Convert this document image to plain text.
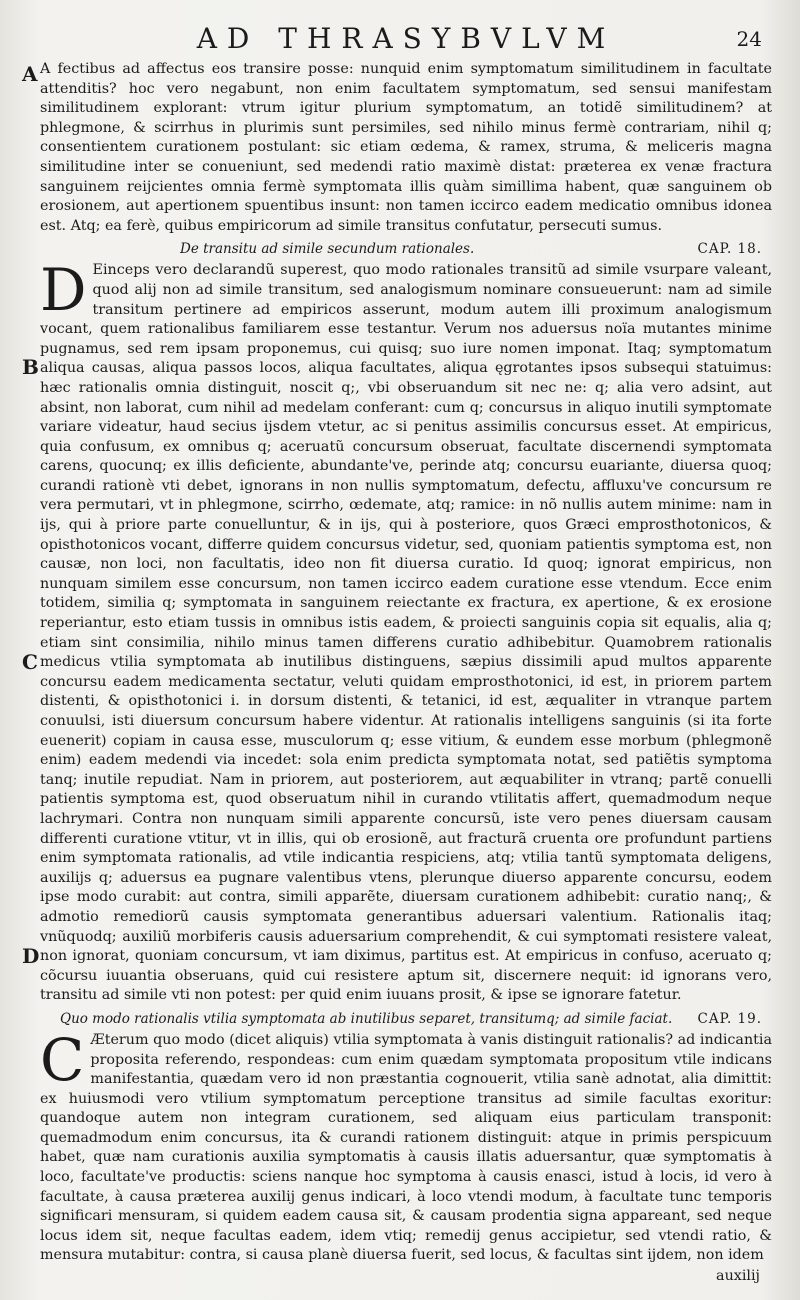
AD THRASYBVLVM	24
A
B
C
D

A fectibus ad affectus eos transire posse: nunquid enim symptomatum similitudinem in facultate attenditis? hoc vero negabunt, non enim facultatem symptomatum, sed sensui manifestam similitudinem explorant: vtrum igitur plurium symptomatum, an totidẽ similitudinem? at phlegmone, & scirrhus in plurimis sunt persimiles, sed nihilo minus fermè contrariam, nihil q; consentientem curationem postulant: sic etiam œdema, & ramex, struma, & meliceris magna similitudine inter se conueniunt, sed medendi ratio maximè distat: præterea ex venæ fractura sanguinem reijcientes omnia fermè symptomata illis quàm simillima habent, quæ sanguinem ob erosionem, aut apertionem spuentibus insunt: non tamen iccirco eadem medicatio omnibus idonea est. Atq; ea ferè, quibus empiricorum ad simile transitus confutatur, persecuti sumus.

De transitu ad simile secundum rationales.	CAP. 18.

D Einceps vero declarandũ superest, quo modo rationales transitũ ad simile vsurpare valeant, quod alij non ad simile transitum, sed analogismum nominare consueuerunt: nam ad simile transitum pertinere ad empiricos asserunt, modum autem illi proximum analogismum vocant, quem rationalibus familiarem esse testantur. Verum nos aduersus noïa mutantes minime pugnamus, sed rem ipsam proponemus, cui quisq; suo iure nomen imponat. Itaq; symptomatum aliqua causas, aliqua passos locos, aliqua facultates, aliqua ęgrotantes ipsos subsequi statuimus: hæc rationalis omnia distinguit, noscit q;, vbi obseruandum sit nec ne: q; alia vero adsint, aut absint, non laborat, cum nihil ad medelam conferant: cum q; concursus in aliquo inutili symptomate variare videatur, haud secius ijsdem vtetur, ac si penitus assimilis concursus esset. At empiricus, quia confusum, ex omnibus q; aceruatũ concursum obseruat, facultate discernendi symptomata carens, quocunq; ex illis deficiente, abundante've, perinde atq; concursu euariante, diuersa quoq; curandi rationè vti debet, ignorans in non nullis symptomatum, defectu, affluxu've concursum re vera permutari, vt in phlegmone, scirrho, œdemate, atq; ramice: in nõ nullis autem minime: nam in ijs, qui à priore parte conuelluntur, & in ijs, qui à posteriore, quos Græci emprosthotonicos, & opisthotonicos vocant, differre quidem concursus videtur, sed, quoniam patientis symptoma est, non causæ, non loci, non facultatis, ideo non fit diuersa curatio. Id quoq; ignorat empiricus, non nunquam similem esse concursum, non tamen iccirco eadem curatione esse vtendum. Ecce enim totidem, similia q; symptomata in sanguinem reiectante ex fractura, ex apertione, & ex erosione reperiantur, esto etiam tussis in omnibus istis eadem, & proiecti sanguinis copia sit equalis, alia q; etiam sint consimilia, nihilo minus tamen differens curatio adhibebitur. Quamobrem rationalis medicus vtilia symptomata ab inutilibus distinguens, sæpius dissimili apud multos apparente concursu eadem medicamenta sectatur, veluti quidam emprosthotonici, id est, in priorem partem distenti, & opisthotonici i. in dorsum distenti, & tetanici, id est, æqualiter in vtranque partem conuulsi, isti diuersum concursum habere videntur. At rationalis intelligens sanguinis (si ita forte euenerit) copiam in causa esse, musculorum q; esse vitium, & eundem esse morbum (phlegmonẽ enim) eadem medendi via incedet: sola enim predicta symptomata notat, sed patiẽtis symptoma tanq; inutile repudiat. Nam in priorem, aut posteriorem, aut æquabiliter in vtranq; partẽ conuelli patientis symptoma est, quod obseruatum nihil in curando vtilitatis affert, quemadmodum neque lachrymari. Contra non nunquam simili apparente concursũ, iste vero penes diuersam causam differenti curatione vtitur, vt in illis, qui ob erosionẽ, aut fracturã cruenta ore profundunt partiens enim symptomata rationalis, ad vtile indicantia respiciens, atq; vtilia tantũ symptomata deligens, auxilijs q; aduersus ea pugnare valentibus vtens, plerunque diuerso apparente concursu, eodem ipse modo curabit: aut contra, simili apparẽte, diuersam curationem adhibebit: curatio nanq;, & admotio remediorũ causis symptomata generantibus aduersari valentium. Rationalis itaq; vnũquodq; auxiliũ morbiferis causis aduersarium comprehendit, & cui symptomati resistere valeat, non ignorat, quoniam concursum, vt iam diximus, partitus est. At empiricus in confuso, aceruato q; cõcursu iuuantia obseruans, quid cui resistere aptum sit, discernere nequit: id ignorans vero, transitu ad simile vti non potest: per quid enim iuuans prosit, & ipse se ignorare fatetur.

Quo modo rationalis vtilia symptomata ab inutilibus separet, transitumq; ad simile faciat. CAP. 19.

C Æterum quo modo (dicet aliquis) vtilia symptomata à vanis distinguit rationalis? ad indicantia proposita referendo, respondeas: cum enim quædam symptomata propositum vtile indicans manifestantia, quædam vero id non præstantia cognouerit, vtilia sanè adnotat, alia dimittit: ex huiusmodi vero vtilium symptomatum perceptione transitus ad simile facultas exoritur: quandoque autem non integram curationem, sed aliquam eius particulam transponit: quemadmodum enim concursus, ita & curandi rationem distinguit: atque in primis perspicuum habet, quæ nam curationis auxilia symptomatis à causis illatis aduersantur, quæ symptomatis à loco, facultate've productis: sciens nanque hoc symptoma à causis enasci, istud à locis, id vero à facultate, à causa præterea auxilij genus indicari, à loco vtendi modum, à facultate tunc temporis significari mensuram, si quidem eadem causa sit, & causam prodentia signa appareant, sed neque locus idem sit, neque facultas eadem, idem vtiq; remedij genus accipietur, sed vtendi ratio, & mensura mutabitur: contra, si causa planè diuersa fuerit, sed locus, & facultas sint ijdem, non idem

auxilij
